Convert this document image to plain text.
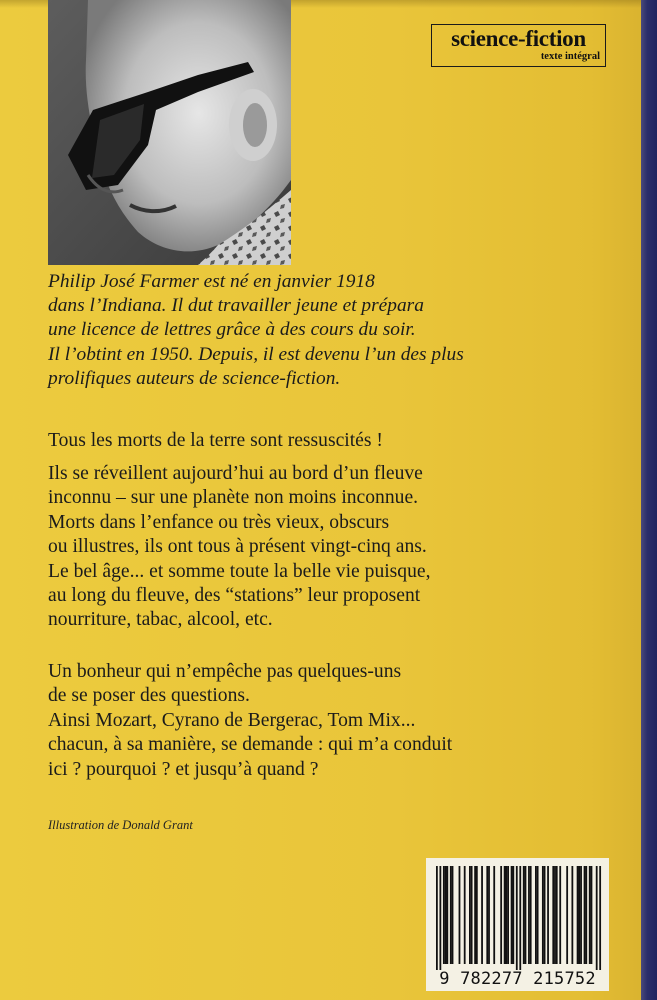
science-fiction
texte intégral
Philip José Farmer est né en janvier 1918
dans l’Indiana. Il dut travailler jeune et prépara
une licence de lettres grâce à des cours du soir.
Il l’obtint en 1950. Depuis, il est devenu l’un des plus
prolifiques auteurs de science-fiction.
Tous les morts de la terre sont ressuscités !
Ils se réveillent aujourd’hui au bord d’un fleuve
inconnu – sur une planète non moins inconnue.
Morts dans l’enfance ou très vieux, obscurs
ou illustres, ils ont tous à présent vingt-cinq ans.
Le bel âge... et somme toute la belle vie puisque,
au long du fleuve, des “stations” leur proposent
nourriture, tabac, alcool, etc.
Un bonheur qui n’empêche pas quelques-uns
de se poser des questions.
Ainsi Mozart, Cyrano de Bergerac, Tom Mix...
chacun, à sa manière, se demande : qui m’a conduit
ici ? pourquoi ? et jusqu’à quand ?
Illustration de Donald Grant
9 782277 215752
